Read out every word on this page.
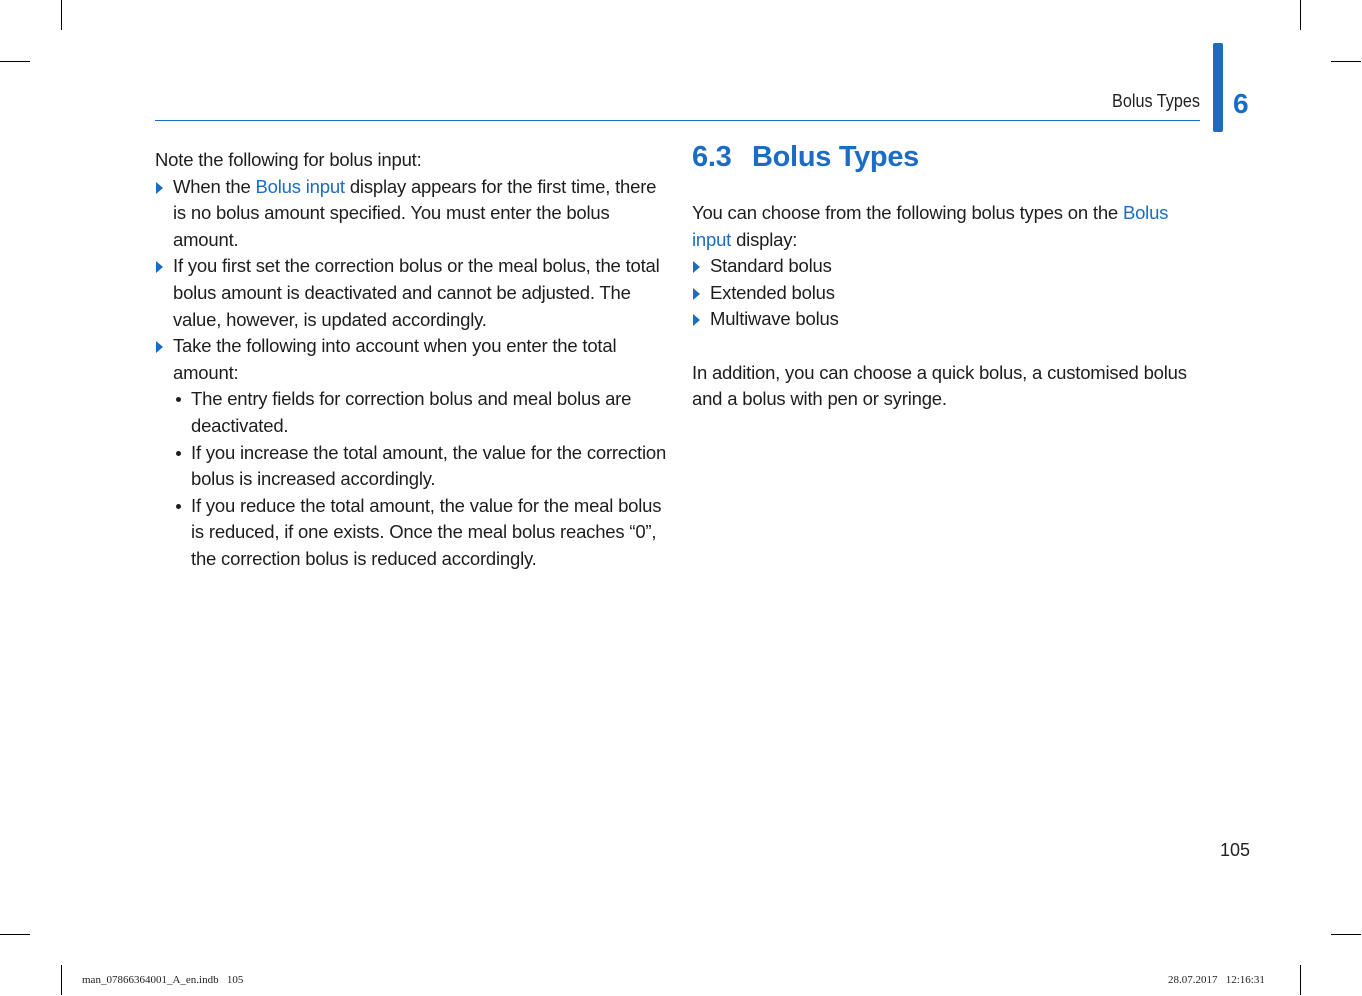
Bolus Types 6

Note the following for bolus input:

When the Bolus input display appears for the first time, there is no bolus amount specified. You must enter the bolus amount.
If you first set the correction bolus or the meal bolus, the total bolus amount is deactivated and cannot be adjusted. The value, however, is updated accordingly.
Take the following into account when you enter the total amount:
The entry fields for correction bolus and meal bolus are deactivated.
If you increase the total amount, the value for the correction bolus is increased accordingly.
If you reduce the total amount, the value for the meal bolus is reduced, if one exists. Once the meal bolus reaches “0”, the correction bolus is reduced accordingly.
6.3 Bolus Types

You can choose from the following bolus types on the Bolus input display:

Standard bolus
Extended bolus
Multiwave bolus

In addition, you can choose a quick bolus, a customised bolus and a bolus with pen or syringe.

105
man_07866364001_A_en.indb   105	28.07.2017   12:16:31
